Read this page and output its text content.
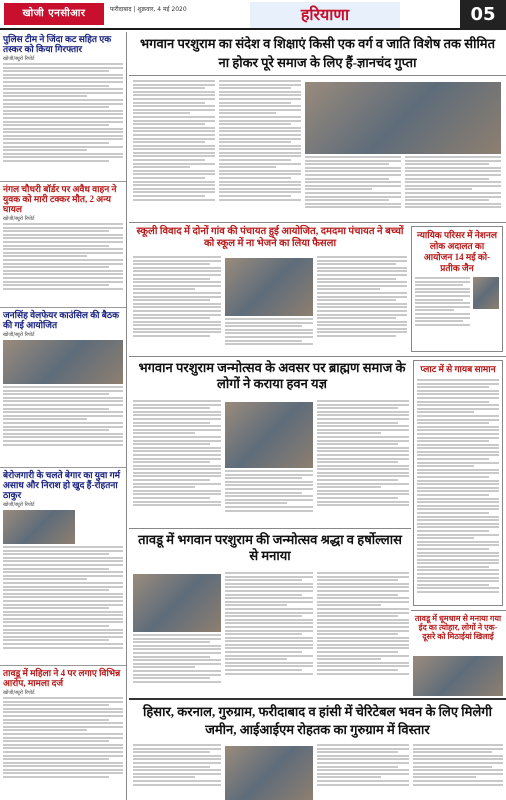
खोजी एनसीआर	फरीदाबाद | शुक्रवार, 4 मई 2020	हरियाणा	05
पुलिस टीम ने जिंदा कट सहित एक तस्कर को किया गिरफ्तार
खोजी/ब्यूरो रिपोर्ट
नंगल चौधरी बॉर्डर पर अवैध वाहन ने युवक को मारी टक्कर मौत, 2 अन्य घायल
खोजी/ब्यूरो रिपोर्ट
जनसिंह वेलफेयर काउंसिल की बैठक की गई आयोजित
खोजी/ब्यूरो रिपोर्ट
बेरोजगारी के चलते बेगार का युवा गर्म असाध और निराश हो खुद हैं-रोहतना ठाकुर
खोजी/ब्यूरो रिपोर्ट
तावडू में महिला ने 4 पर लगाए विभिन्न आरोप, मामला दर्ज
खोजी/ब्यूरो रिपोर्ट
भगवान परशुराम का संदेश व शिक्षाएं किसी एक वर्ग व जाति विशेष तक सीमित ना होकर पूरे समाज के लिए हैं-ज्ञानचंद गुप्ता
स्कूली विवाद में दोनों गांव की पंचायत हुई आयोजित, दमदमा पंचायत ने बच्चों को स्कूल में ना भेजने का लिया फैसला
न्यायिक परिसर में नेशनल लोक अदालत का आयोजन 14 मई को-प्रतीक जैन
भगवान परशुराम जन्मोत्सव के अवसर पर ब्राह्मण समाज के लोगों ने कराया हवन यज्ञ
प्लाट में से गायब सामान
तावडू में भगवान परशुराम की जन्मोत्सव श्रद्धा व हर्षोल्लास से मनाया
तावडू में धूमधाम से मनाया गया ईद का त्योहार, लोगों ने एक-दूसरे को मिठाईयां खिलाई
हिसार, करनाल, गुरुग्राम, फरीदाबाद व हांसी में चेरिटेबल भवन के लिए मिलेगी जमीन, आईआईएम रोहतक का गुरुग्राम में विस्तार
